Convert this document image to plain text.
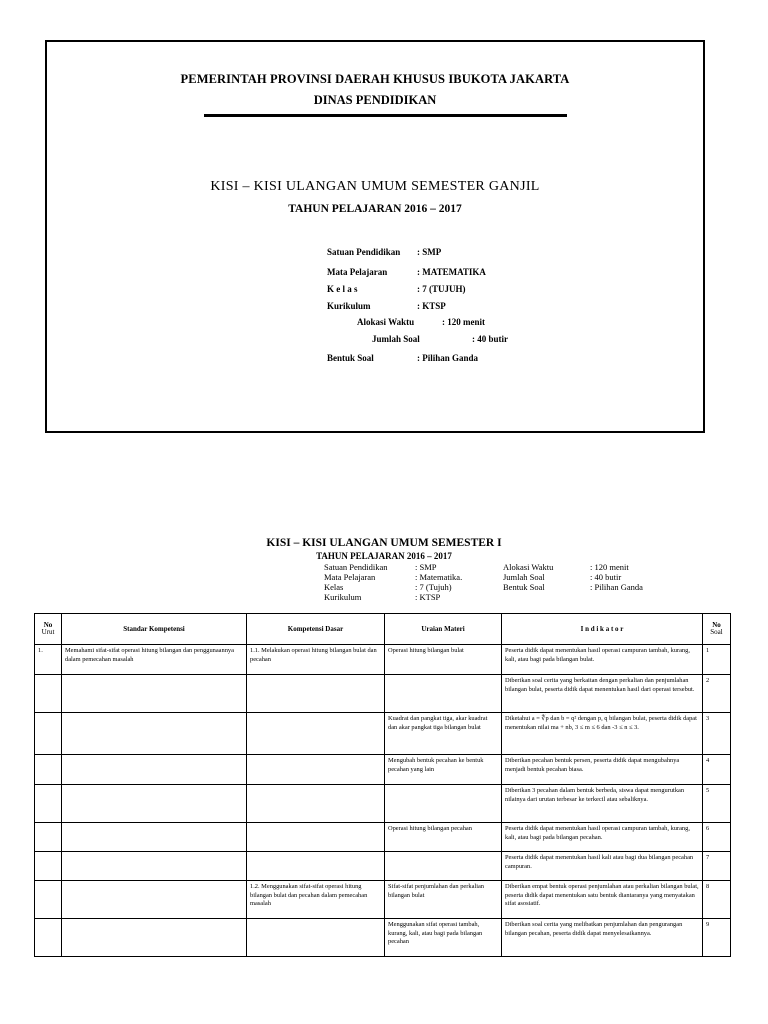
PEMERINTAH PROVINSI DAERAH KHUSUS IBUKOTA JAKARTA
DINAS PENDIDIKAN
KISI – KISI ULANGAN UMUM SEMESTER GANJIL
TAHUN PELAJARAN 2016 – 2017
Satuan Pendidikan : SMP
Mata Pelajaran	: MATEMATIKA
K e l a s	: 7 (TUJUH)
Kurikulum	: KTSP
Alokasi Waktu	: 120 menit
Jumlah Soal	: 40 butir
Bentuk Soal	: Pilihan Ganda
KISI – KISI ULANGAN UMUM SEMESTER I
TAHUN PELAJARAN 2016 – 2017
Satuan Pendidikan	: SMP
Mata Pelajaran	: Matematika.
Kelas	: 7 (Tujuh)
Kurikulum	: KTSP
Alokasi Waktu	: 120 menit
Jumlah Soal	: 40 butir
Bentuk Soal	: Pilihan Ganda
No
Urut	Standar Kompetensi	Kompetensi Dasar	Uraian Materi	I n d i k a t o r	No
Soal
1.	Memahami sifat-sifat operasi hitung bilangan dan penggunaannya dalam pemecahan masalah	1.1. Melakukan operasi hitung bilangan bulat dan pecahan	Operasi hitung bilangan bulat	Peserta didik dapat menentukan hasil operasi campuran tambah, kurang, kali, atau bagi pada bilangan bulat.	1
				Diberikan soal cerita yang berkaitan dengan perkalian dan penjumlahan bilangan bulat, peserta didik dapat menentukan hasil dari operasi tersebut.	2
			Kuadrat dan pangkat tiga, akar kuadrat dan akar pangkat tiga bilangan bulat	Diketahui a = ∜p dan b = q² dengan p, q bilangan bulat, peserta didik dapat menentukan nilai ma + nb, 3 ≤ m ≤ 6 dan -3 ≤ n ≤ 3.	3
			Mengubah bentuk pecahan ke bentuk pecahan yang lain	Diberikan pecahan bentuk persen, peserta didik dapat mengubahnya menjadi bentuk pecahan biasa.	4
				Diberikan 3 pecahan dalam bentuk berbeda, siswa dapat mengurutkan nilainya dari urutan terbesar ke terkecil atau sebaliknya.	5
			Operasi hitung bilangan pecahan	Peserta didik dapat menentukan hasil operasi campuran tambah, kurang, kali, atau bagi pada bilangan pecahan.	6
				Peserta didik dapat menentukan hasil kali atau bagi dua bilangan pecahan campuran.	7
		1.2. Menggunakan sifat-sifat operasi hitung bilangan bulat dan pecahan dalam pemecahan masalah	Sifat-sifat penjumlahan dan perkalian bilangan bulat	Diberikan empat bentuk operasi penjumlahan atau perkalian bilangan bulat, peserta didik dapat menentukan satu bentuk diantaranya yang menyatakan sifat asosiatif.	8
			Menggunakan sifat operasi tambah, kurang, kali, atau bagi pada bilangan pecahan	Diberikan soal cerita yang melibatkan penjumlahan dan pengurangan bilangan pecahan, peserta didik dapat menyelesaikannya.	9
